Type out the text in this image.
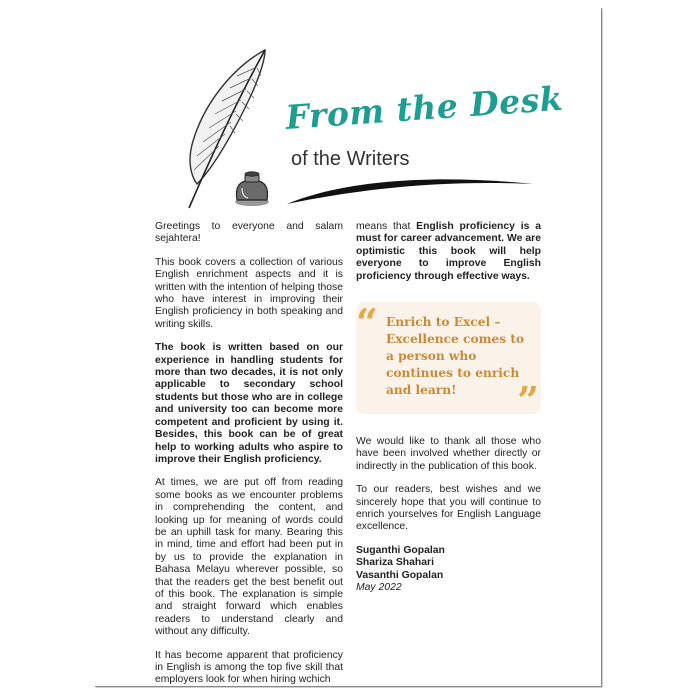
From the Desk
of the Writers

Greetings to everyone and salam sejahtera!

This book covers a collection of various English enrichment aspects and it is written with the intention of helping those who have interest in improving their English proficiency in both speaking and writing skills.

The book is written based on our experience in handling students for more than two decades, it is not only applicable to secondary school students but those who are in college and university too can become more competent and proficient by using it. Besides, this book can be of great help to working adults who aspire to improve their English proficiency.

At times, we are put off from reading some books as we encounter problems in comprehending the content, and looking up for meaning of words could be an uphill task for many. Bearing this in mind, time and effort had been put in by us to provide the explanation in Bahasa Melayu wherever possible, so that the readers get the best benefit out of this book. The explanation is simple and straight forward which enables readers to understand clearly and without any difficulty.

It has become apparent that proficiency in English is among the top five skill that employers look for when hiring wchich

means that English proficiency is a must for career advancement. We are optimistic this book will help everyone to improve English proficiency through effective ways.

“ Enrich to Excel – Excellence comes to a person who continues to enrich and learn!	”

We would like to thank all those who have been involved whether directly or indirectly in the publication of this book.

To our readers, best wishes and we sincerely hope that you will continue to enrich yourselves for English Language excellence.

Suganthi Gopalan
Shariza Shahari
Vasanthi Gopalan
May 2022
